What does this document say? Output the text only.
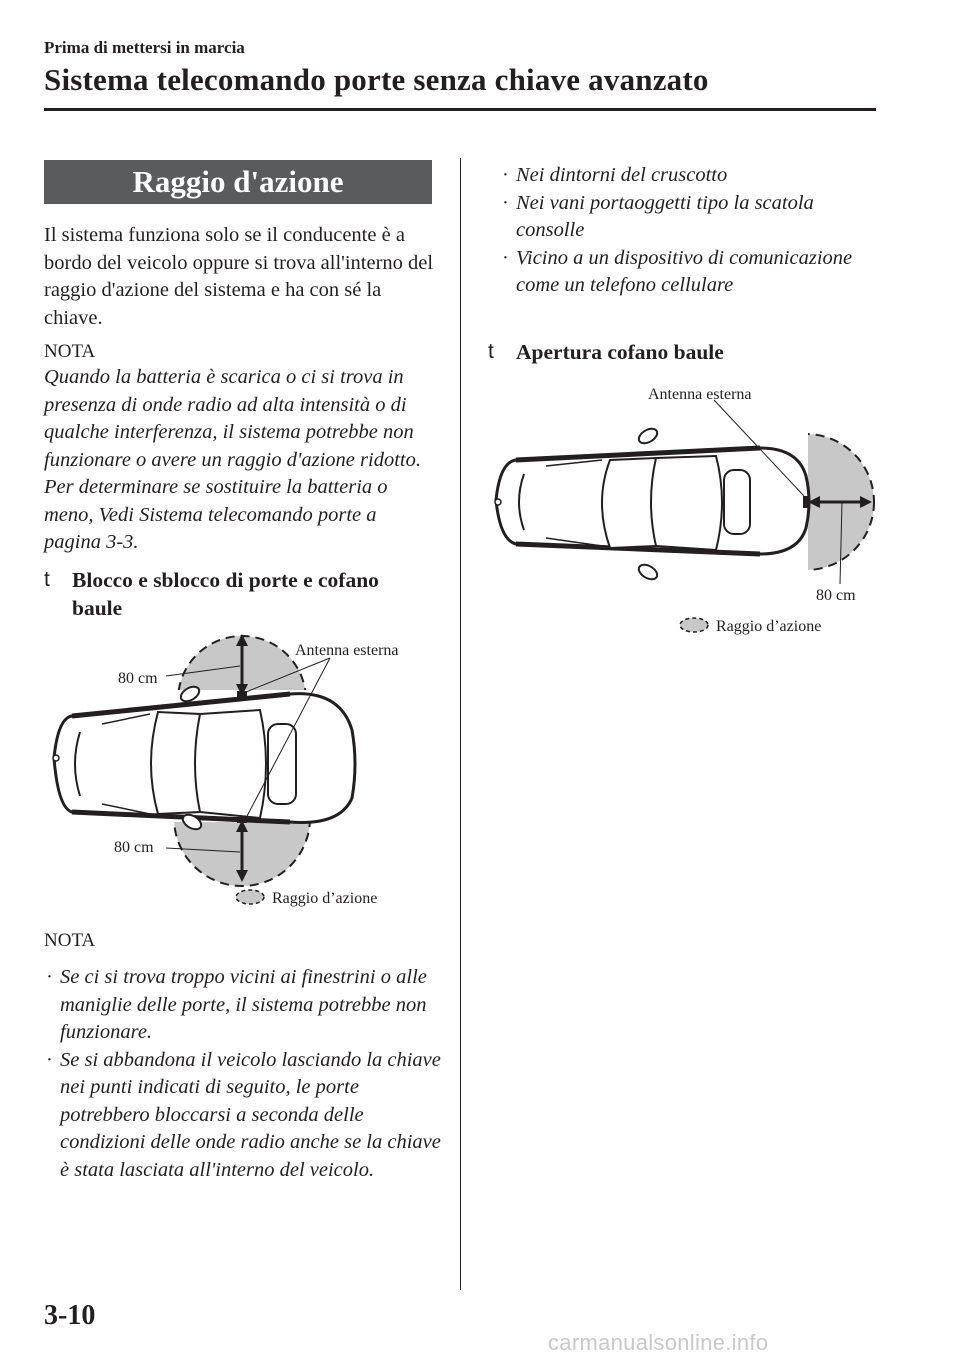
Prima di mettersi in marcia
Sistema telecomando porte senza chiave avanzato
Raggio d'azione
Il sistema funziona solo se il conducente è a bordo del veicolo oppure si trova all'interno del raggio d'azione del sistema e ha con sé la chiave.
NOTA
Quando la batteria è scarica o ci si trova in presenza di onde radio ad alta intensità o di qualche interferenza, il sistema potrebbe non funzionare o avere un raggio d'azione ridotto. Per determinare se sostituire la batteria o meno, Vedi Sistema telecomando porte a pagina 3-3.
t Blocco e sblocco di porte e cofano baule
Antenna esterna
80 cm
80 cm
Raggio d’azione
NOTA
· Se ci si trova troppo vicini ai finestrini o alle maniglie delle porte, il sistema potrebbe non funzionare.
· Se si abbandona il veicolo lasciando la chiave nei punti indicati di seguito, le porte potrebbero bloccarsi a seconda delle condizioni delle onde radio anche se la chiave è stata lasciata all'interno del veicolo.
· Nei dintorni del cruscotto
· Nei vani portaoggetti tipo la scatola consolle
· Vicino a un dispositivo di comunicazione come un telefono cellulare
t Apertura cofano baule
Antenna esterna
80 cm
Raggio d’azione
3-10
carmanualsonline.info
